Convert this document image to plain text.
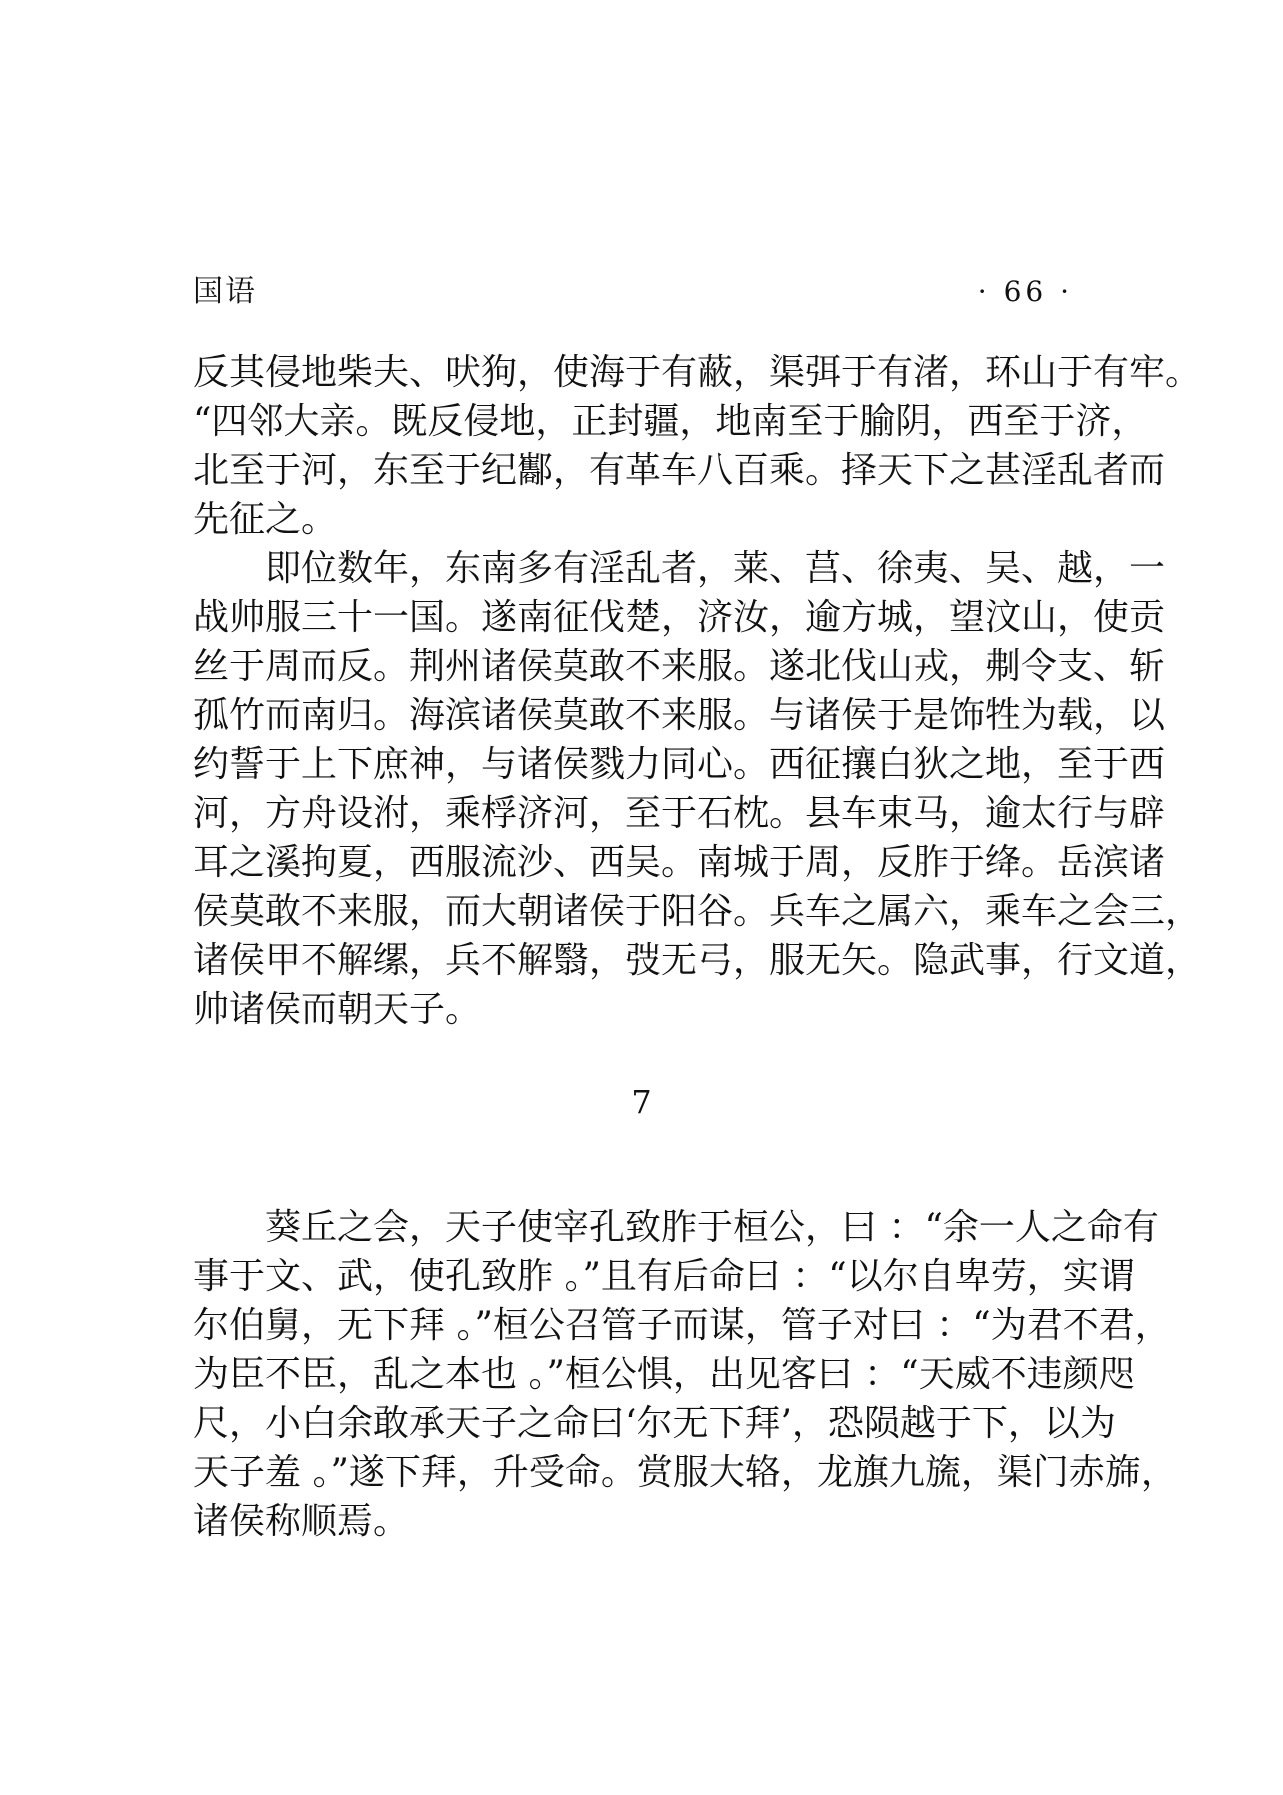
国语	· 66 ·
反其侵地柴夫、吠狗，使海于有蔽，渠弭于有渚，环山于有牢。
“四邻大亲。既反侵地，正封疆，地南至于腧阴，西至于济，
北至于河，东至于纪酅，有革车八百乘。择天下之甚淫乱者而
先征之。
即位数年，东南多有淫乱者，莱、莒、徐夷、吴、越，一
战帅服三十一国。遂南征伐楚，济汝，逾方城，望汶山，使贡
丝于周而反。荆州诸侯莫敢不来服。遂北伐山戎，刜令支、斩
孤竹而南归。海滨诸侯莫敢不来服。与诸侯于是饰牲为载，以
约誓于上下庶神，与诸侯戮力同心。西征攘白狄之地，至于西
河，方舟设泭，乘桴济河，至于石枕。县车束马，逾太行与辟
耳之溪拘夏，西服流沙、西吴。南城于周，反胙于绛。岳滨诸
侯莫敢不来服，而大朝诸侯于阳谷。兵车之属六，乘车之会三，
诸侯甲不解缧，兵不解翳，弢无弓，服无矢。隐武事，行文道，
帅诸侯而朝天子。
7
葵丘之会，天子使宰孔致胙于桓公，曰 ：“余一人之命有
事于文、武，使孔致胙 。”且有后命曰 ：“以尔自卑劳，实谓
尔伯舅，无下拜 。”桓公召管子而谋，管子对曰 ：“为君不君，
为臣不臣，乱之本也 。”桓公惧，出见客曰 ：“天威不违颜咫
尺，小白余敢承天子之命曰‘尔无下拜’，恐陨越于下，以为
天子羞 。”遂下拜，升受命。赏服大辂，龙旗九旒，渠门赤旆，
诸侯称顺焉。
